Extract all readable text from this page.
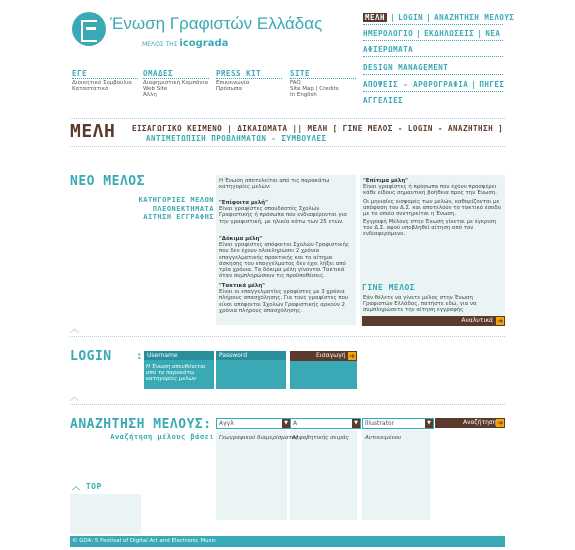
Ένωση Γραφιστών Ελλάδας
ΜΕΛΟΣ ΤΗΣ icograda
ΜΕΛΗ | LOGIN | ΑΝΑΖΗΤΗΣΗ ΜΕΛΟΥΣ
ΗΜΕΡΟΛΟΓΙΟ | ΕΚΔΗΛΩΣΕΙΣ | ΝΕΑ
ΑΦΙΕΡΩΜΑΤΑ
DESIGN MANAGEMENT
ΑΠΟΨΕΙΣ - ΑΡΘΡΟΓΡΑΦΙΑ | ΠΗΓΕΣ
ΑΓΓΕΛΙΕΣ
ΕΓΕ
Διοικητικό Συμβούλιο
Καταστατικό
ΟΜΑΔΕΣ
Διαφημιστική Καμπάνια
Web Site
Άλλη
PRESS KIT
Επικοινωνία
Πρόσωπα
SITE
FAQ
Site Map | Credits
In English
ΜΕΛΗ ΕΙΣΑΓΩΓΙΚΟ ΚΕΙΜΕΝΟ | ΔΙΚΑΙΩΜΑΤΑ || ΜΕΛΗ [ ΓΙΝΕ ΜΕΛΟΣ - LOGIN - ΑΝΑΖΗΤΗΣΗ ]
ΑΝΤΙΜΕΤΩΠΙΣΗ ΠΡΟΒΛΗΜΑΤΩΝ - ΣΥΜΒΟΥΛΕΣ
ΝΕΟ ΜΕΛΟΣ
ΚΑΤΗΓΟΡΙΕΣ ΜΕΛΩΝ
ΠΛΕΟΝΕΚΤΗΜΑΤΑ
ΑΙΤΗΣΗ ΕΓΓΡΑΦΗΣ
Η Ένωση αποτελείται από τις παρακάτω κατηγορίες μελών:
"Επίφοιτα μελή"
Είναι γραφίστες σπουδαστές Σχολών Γραφιστικής ή πρόσωπα που ενδιαφέρονται για την γραφιστική, με ηλικία κάτω των 25 ετών.
"Δόκιμα μέλη"
Είναι γραφίστες απόφοιτοι Σχολών Γραφιστικής που δεν έχουν ολοκληρώσει 2 χρόνια επαγγελματικής πρακτικής και το αίτημα άσκησης του επαγγέλματος δεν έχει λήξει από τρία χρόνια. Τα δόκιμα μέλη γίνονται Τακτικά όταν συμπληρώσουν τις προϋποθέσεις.
"Τακτικά μέλη"
Είναι οι επαγγελματίες γραφίστες με 3 χρόνια πλήρους απασχόλησης. Για τους γραφίστες που είναι απόφοιτοι Σχολών Γραφιστικής αρκούν 2 χρόνια πλήρους απασχόλησης.
"Επίτιμα μέλη"
Είναι γραφίστες ή πρόσωπα που έχουν προσφέρει κάθε είδους σημαντική βοήθεια προς την Ένωση.
Οι μηνιαίες εισφορές των μελών, καθορίζονται με απόφαση του Δ.Σ. και αποτελούν το τακτικό έσοδο με το οποίο συντηρείται η Ένωση.
Εγγραφή Μέλους στην Ένωση γίνεται με έγκριση του Δ.Σ. αφού υποβληθεί αίτηση από τον ενδιαφερόμενο.
ΓΙΝΕ ΜΕΛΟΣ
Εάν θέλετε να γίνετε μέλος στην Ένωση Γραφιστών Ελλάδος, πατήστε εδώ, για να συμπληρώσετε την αίτηση εγγραφής
Αναλυτικά ➜
︿
LOGIN : Username
Η Ένωση απευθύνεται από το παρακάτω κατηγορίες μελών
Password	Εισαγωγή ➜
︿
ΑΝΑΖΗΤΗΣΗ ΜΕΛΟΥΣ:
Αναζήτηση μέλους βάσει
Αγγλ	▼ Α	▼	Illustrator	▼	Αναζήτηση ➜
Γεωγραφικού διαμερίσματος
Αλφαβητικής σειράς	Αντικειμένου
︿ TOP
© GDA: 5 Festival of Digital Art and Electronic Music
